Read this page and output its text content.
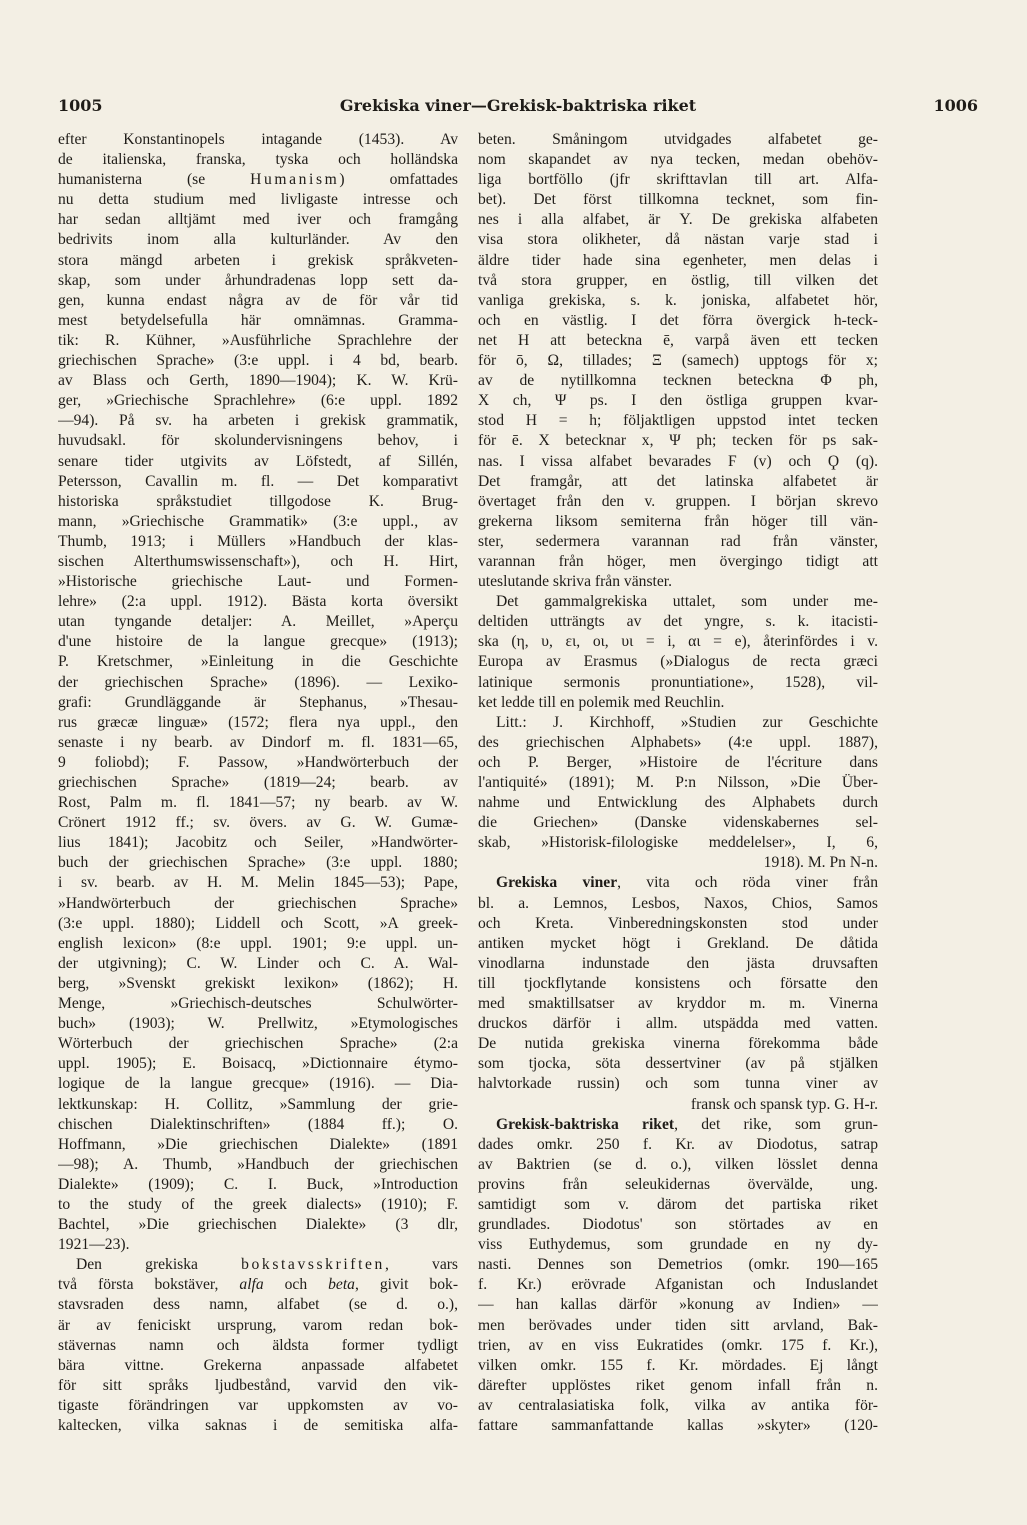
1005	Grekiska viner—Grekisk-baktriska riket	1006
efter Konstantinopels intagande (1453). Av
de italienska, franska, tyska och holländska
humanisterna (se Humanism) omfattades
nu detta studium med livligaste intresse och
har sedan alltjämt med iver och framgång
bedrivits inom alla kulturländer. Av den
stora mängd arbeten i grekisk språkveten-
skap, som under århundradenas lopp sett da-
gen, kunna endast några av de för vår tid
mest betydelsefulla här omnämnas. Gramma-
tik: R. Kühner, »Ausführliche Sprachlehre der
griechischen Sprache» (3:e uppl. i 4 bd, bearb.
av Blass och Gerth, 1890—1904); K. W. Krü-
ger, »Griechische Sprachlehre» (6:e uppl. 1892
—94). På sv. ha arbeten i grekisk grammatik,
huvudsakl. för skolundervisningens behov, i
senare tider utgivits av Löfstedt, af Sillén,
Petersson, Cavallin m. fl. — Det komparativt
historiska språkstudiet tillgodose K. Brug-
mann, »Griechische Grammatik» (3:e uppl., av
Thumb, 1913; i Müllers »Handbuch der klas-
sischen Alterthumswissenschaft»), och H. Hirt,
»Historische griechische Laut- und Formen-
lehre» (2:a uppl. 1912). Bästa korta översikt
utan tyngande detaljer: A. Meillet, »Aperçu
d'une histoire de la langue grecque» (1913);
P. Kretschmer, »Einleitung in die Geschichte
der griechischen Sprache» (1896). — Lexiko-
grafi: Grundläggande är Stephanus, »Thesau-
rus græcæ linguæ» (1572; flera nya uppl., den
senaste i ny bearb. av Dindorf m. fl. 1831—65,
9 foliobd); F. Passow, »Handwörterbuch der
griechischen Sprache» (1819—24; bearb. av
Rost, Palm m. fl. 1841—57; ny bearb. av W.
Crönert 1912 ff.; sv. övers. av G. W. Gumæ-
lius 1841); Jacobitz och Seiler, »Handwörter-
buch der griechischen Sprache» (3:e uppl. 1880;
i sv. bearb. av H. M. Melin 1845—53); Pape,
»Handwörterbuch der griechischen Sprache»
(3:e uppl. 1880); Liddell och Scott, »A greek-
english lexicon» (8:e uppl. 1901; 9:e uppl. un-
der utgivning); C. W. Linder och C. A. Wal-
berg, »Svenskt grekiskt lexikon» (1862); H.
Menge, »Griechisch-deutsches Schulwörter-
buch» (1903); W. Prellwitz, »Etymologisches
Wörterbuch der griechischen Sprache» (2:a
uppl. 1905); E. Boisacq, »Dictionnaire étymo-
logique de la langue grecque» (1916). — Dia-
lektkunskap: H. Collitz, »Sammlung der grie-
chischen Dialektinschriften» (1884 ff.); O.
Hoffmann, »Die griechischen Dialekte» (1891
—98); A. Thumb, »Handbuch der griechischen
Dialekte» (1909); C. I. Buck, »Introduction
to the study of the greek dialects» (1910); F.
Bachtel, »Die griechischen Dialekte» (3 dlr,
1921—23).
Den grekiska bokstavsskriften, vars
två första bokstäver, alfa och beta, givit bok-
stavsraden dess namn, alfabet (se d. o.),
är av feniciskt ursprung, varom redan bok-
stävernas namn och äldsta former tydligt
bära vittne. Grekerna anpassade alfabetet
för sitt språks ljudbestånd, varvid den vik-
tigaste förändringen var uppkomsten av vo-
kaltecken, vilka saknas i de semitiska alfa-
beten. Småningom utvidgades alfabetet ge-
nom skapandet av nya tecken, medan obehöv-
liga bortföllo (jfr skrifttavlan till art. Alfa-
bet). Det först tillkomna tecknet, som fin-
nes i alla alfabet, är Υ. De grekiska alfabeten
visa stora olikheter, då nästan varje stad i
äldre tider hade sina egenheter, men delas i
två stora grupper, en östlig, till vilken det
vanliga grekiska, s. k. joniska, alfabetet hör,
och en västlig. I det förra övergick h-teck-
net Η att beteckna ē, varpå även ett tecken
för ō, Ω, tillades; Ξ (samech) upptogs för x;
av de nytillkomna tecknen beteckna Φ ph,
Χ ch, Ψ ps. I den östliga gruppen kvar-
stod Η = h; följaktligen uppstod intet tecken
för ē. Χ betecknar x, Ψ ph; tecken för ps sak-
nas. I vissa alfabet bevarades Ϝ (v) och Ϙ (q).
Det framgår, att det latinska alfabetet är
övertaget från den v. gruppen. I början skrevo
grekerna liksom semiterna från höger till vän-
ster, sedermera varannan rad från vänster,
varannan från höger, men övergingo tidigt att
uteslutande skriva från vänster.
Det gammalgrekiska uttalet, som under me-
deltiden utträngts av det yngre, s. k. itacisti-
ska (η, υ, ει, οι, υι = i, αι = e), återinfördes i v.
Europa av Erasmus (»Dialogus de recta græci
latinique sermonis pronuntiatione», 1528), vil-
ket ledde till en polemik med Reuchlin.
Litt.: J. Kirchhoff, »Studien zur Geschichte
des griechischen Alphabets» (4:e uppl. 1887),
och P. Berger, »Histoire de l'écriture dans
l'antiquité» (1891); M. P:n Nilsson, »Die Über-
nahme und Entwicklung des Alphabets durch
die Griechen» (Danske videnskabernes sel-
skab, »Historisk-filologiske meddelelser», I, 6,
1918). M. Pn N-n.
Grekiska viner, vita och röda viner från
bl. a. Lemnos, Lesbos, Naxos, Chios, Samos
och Kreta. Vinberedningskonsten stod under
antiken mycket högt i Grekland. De dåtida
vinodlarna indunstade den jästa druvsaften
till tjockflytande konsistens och försatte den
med smaktillsatser av kryddor m. m. Vinerna
druckos därför i allm. utspädda med vatten.
De nutida grekiska vinerna förekomma både
som tjocka, söta dessertviner (av på stjälken
halvtorkade russin) och som tunna viner av
fransk och spansk typ. G. H-r.
Grekisk-baktriska riket, det rike, som grun-
dades omkr. 250 f. Kr. av Diodotus, satrap
av Baktrien (se d. o.), vilken lösslet denna
provins från seleukidernas övervälde, ung.
samtidigt som v. därom det partiska riket
grundlades. Diodotus' son störtades av en
viss Euthydemus, som grundade en ny dy-
nasti. Dennes son Demetrios (omkr. 190—165
f. Kr.) erövrade Afganistan och Induslandet
— han kallas därför »konung av Indien» —
men berövades under tiden sitt arvland, Bak-
trien, av en viss Eukratides (omkr. 175 f. Kr.),
vilken omkr. 155 f. Kr. mördades. Ej långt
därefter upplöstes riket genom infall från n.
av centralasiatiska folk, vilka av antika för-
fattare sammanfattande kallas »skyter» (120-
